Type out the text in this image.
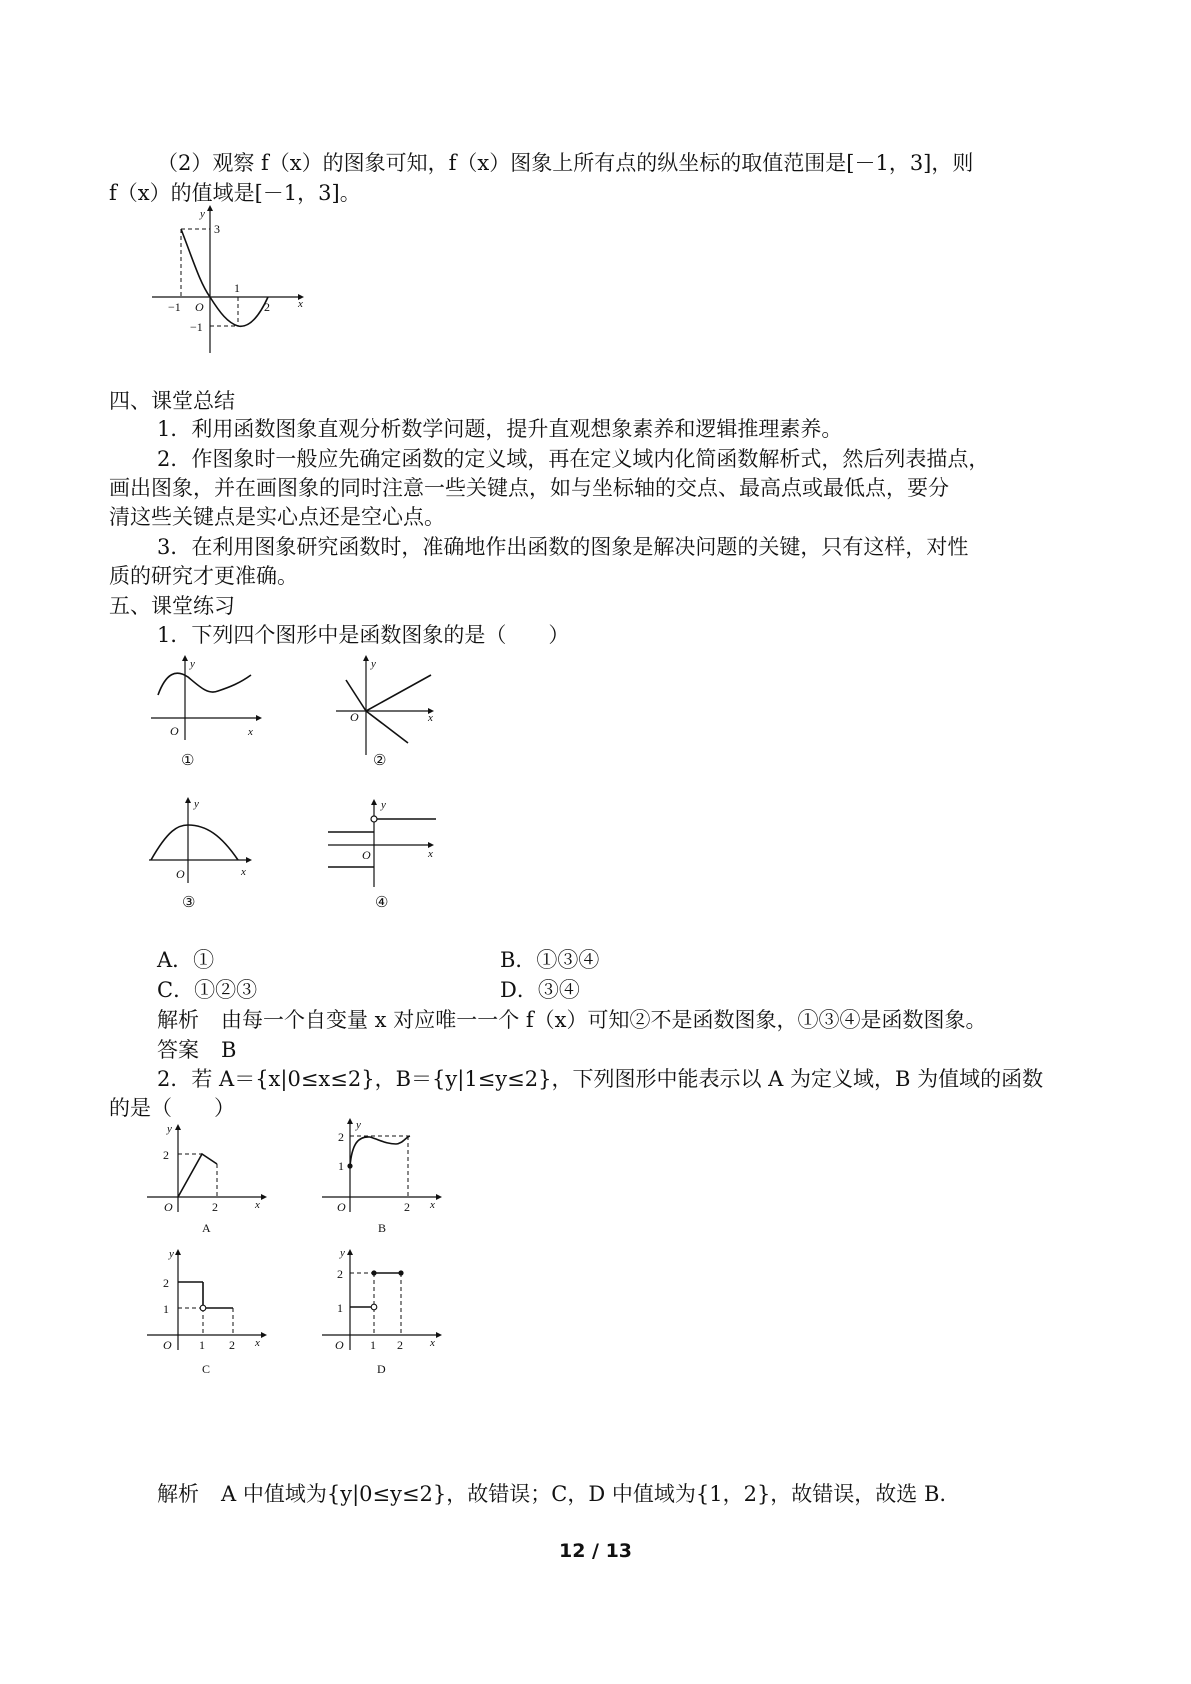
（2）观察 f（x）的图象可知，f（x）图象上所有点的纵坐标的取值范围是[－1，3]，则
f（x）的值域是[－1，3]。
y
x
3
−1 O
1
2
−1
四、课堂总结
1．利用函数图象直观分析数学问题，提升直观想象素养和逻辑推理素养。
2．作图象时一般应先确定函数的定义域，再在定义域内化简函数解析式，然后列表描点，
画出图象，并在画图象的同时注意一些关键点，如与坐标轴的交点、最高点或最低点，要分
清这些关键点是实心点还是空心点。
3．在利用图象研究函数时，准确地作出函数的图象是解决问题的关键，只有这样，对性
质的研究才更准确。
五、课堂练习
1．下列四个图形中是函数图象的是（　　）
y
x
O
①
y
x
O
②
y
x
O
③
y
x
O
④
A．①	B．①③④
C．①②③	D．③④
解析 由每一个自变量 x 对应唯一一个 f（x）可知②不是函数图象，①③④是函数图象。
答案 B
2．若 A＝{x|0≤x≤2}，B＝{y|1≤y≤2}，下列图形中能表示以 A 为定义域，B 为值域的函数
的是（　　）
y
2
O	2	x
A
y
2
1
O	2 x
B
y
2
1
O 1 2 x
C
y
2
1
O 1 2 x
D
解析 A 中值域为{y|0≤y≤2}，故错误；C，D 中值域为{1，2}，故错误，故选 B.
12 / 13
